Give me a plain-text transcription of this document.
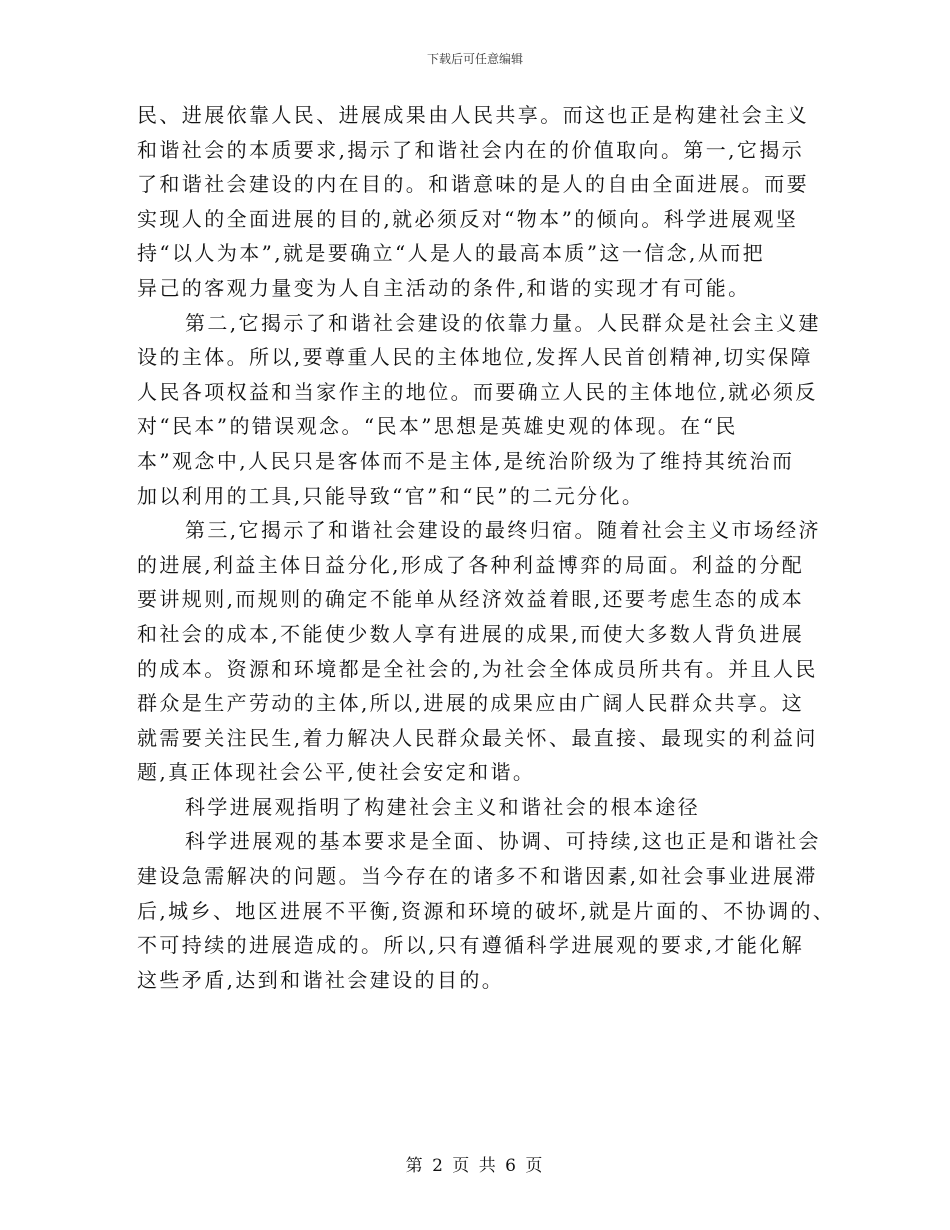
下载后可任意编辑
民、进展依靠人民、进展成果由人民共享。而这也正是构建社会主义
和谐社会的本质要求,揭示了和谐社会内在的价值取向。第一,它揭示
了和谐社会建设的内在目的。和谐意味的是人的自由全面进展。而要
实现人的全面进展的目的,就必须反对“物本”的倾向。科学进展观坚
持“以人为本”,就是要确立“人是人的最高本质”这一信念,从而把
异己的客观力量变为人自主活动的条件,和谐的实现才有可能。
第二,它揭示了和谐社会建设的依靠力量。人民群众是社会主义建
设的主体。所以,要尊重人民的主体地位,发挥人民首创精神,切实保障
人民各项权益和当家作主的地位。而要确立人民的主体地位,就必须反
对“民本”的错误观念。“民本”思想是英雄史观的体现。在“民
本”观念中,人民只是客体而不是主体,是统治阶级为了维持其统治而
加以利用的工具,只能导致“官”和“民”的二元分化。
第三,它揭示了和谐社会建设的最终归宿。随着社会主义市场经济
的进展,利益主体日益分化,形成了各种利益博弈的局面。利益的分配
要讲规则,而规则的确定不能单从经济效益着眼,还要考虑生态的成本
和社会的成本,不能使少数人享有进展的成果,而使大多数人背负进展
的成本。资源和环境都是全社会的,为社会全体成员所共有。并且人民
群众是生产劳动的主体,所以,进展的成果应由广阔人民群众共享。这
就需要关注民生,着力解决人民群众最关怀、最直接、最现实的利益问
题,真正体现社会公平,使社会安定和谐。
科学进展观指明了构建社会主义和谐社会的根本途径
科学进展观的基本要求是全面、协调、可持续,这也正是和谐社会
建设急需解决的问题。当今存在的诸多不和谐因素,如社会事业进展滞
后,城乡、地区进展不平衡,资源和环境的破坏,就是片面的、不协调的、
不可持续的进展造成的。所以,只有遵循科学进展观的要求,才能化解
这些矛盾,达到和谐社会建设的目的。
第 2 页 共 6 页
